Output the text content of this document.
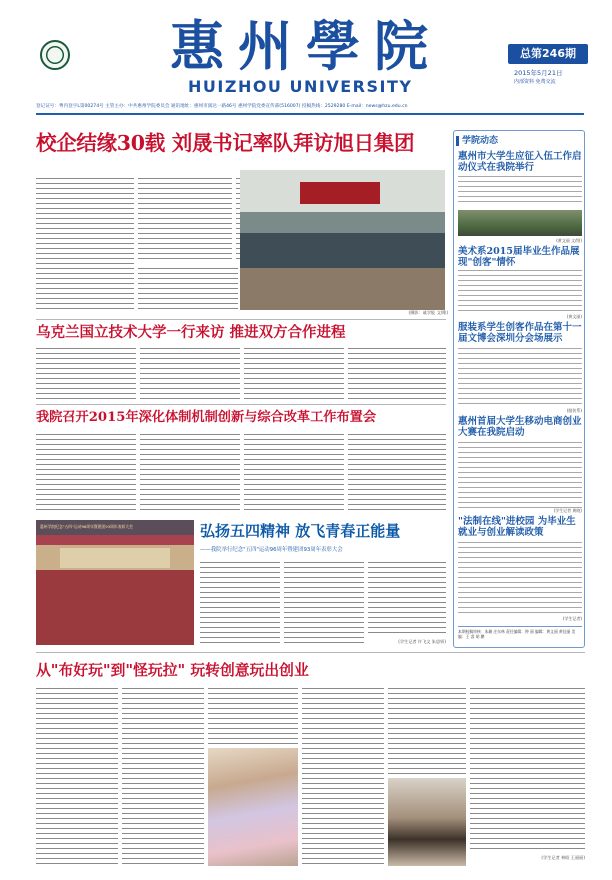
惠州學院
HUIZHOU UNIVERSITY
总第246期
2015年5月21日
内部资料 免费交流
登记证号：粤内登字L第00274号 主管主办：中共惠州学院委员会 通讯地址：惠州市演达一路46号 惠州学院党委宣传部(516007) 投稿热线：2529280 E-mail：news@hzu.edu.cn
校企结缘30载 刘晟书记率队拜访旭日集团
(摄影：戚学能 文/维)
乌克兰国立技术大学一行来访 推进双方合作进程
我院召开2015年深化体制机制创新与综合改革工作布置会
惠州学院纪念"五四"运动96周年暨建团93周年表彰大会	弘扬五四精神 放飞青春正能量
——我院举行纪念"五四"运动96周年暨建团93周年表彰大会
(学生记者 许飞文 朱思妍)
学院动态
惠州市大学生应征入伍工作启动仪式在我院举行
(黄文丽 文/图)
美术系2015届毕业生作品展现"创客"情怀
(黄文丽)
服装系学生创客作品在第十一届文博会深圳分会场展示
(服装系)
惠州首届大学生移动电商创业大赛在我院启动
(学生记者 黄晓)
"法制在线"进校园 为毕业生就业与创业解读政策
(学生记者)
本期校稿审核：朱珊 庄东林 责任编辑：钟 丽 编辑：黄文丽 黄佳丽 美编：王 睿 胡 鹏
从"布好玩"到"怪玩拉" 玩转创意玩出创业
(学生记者 林昭 王丽丽)
